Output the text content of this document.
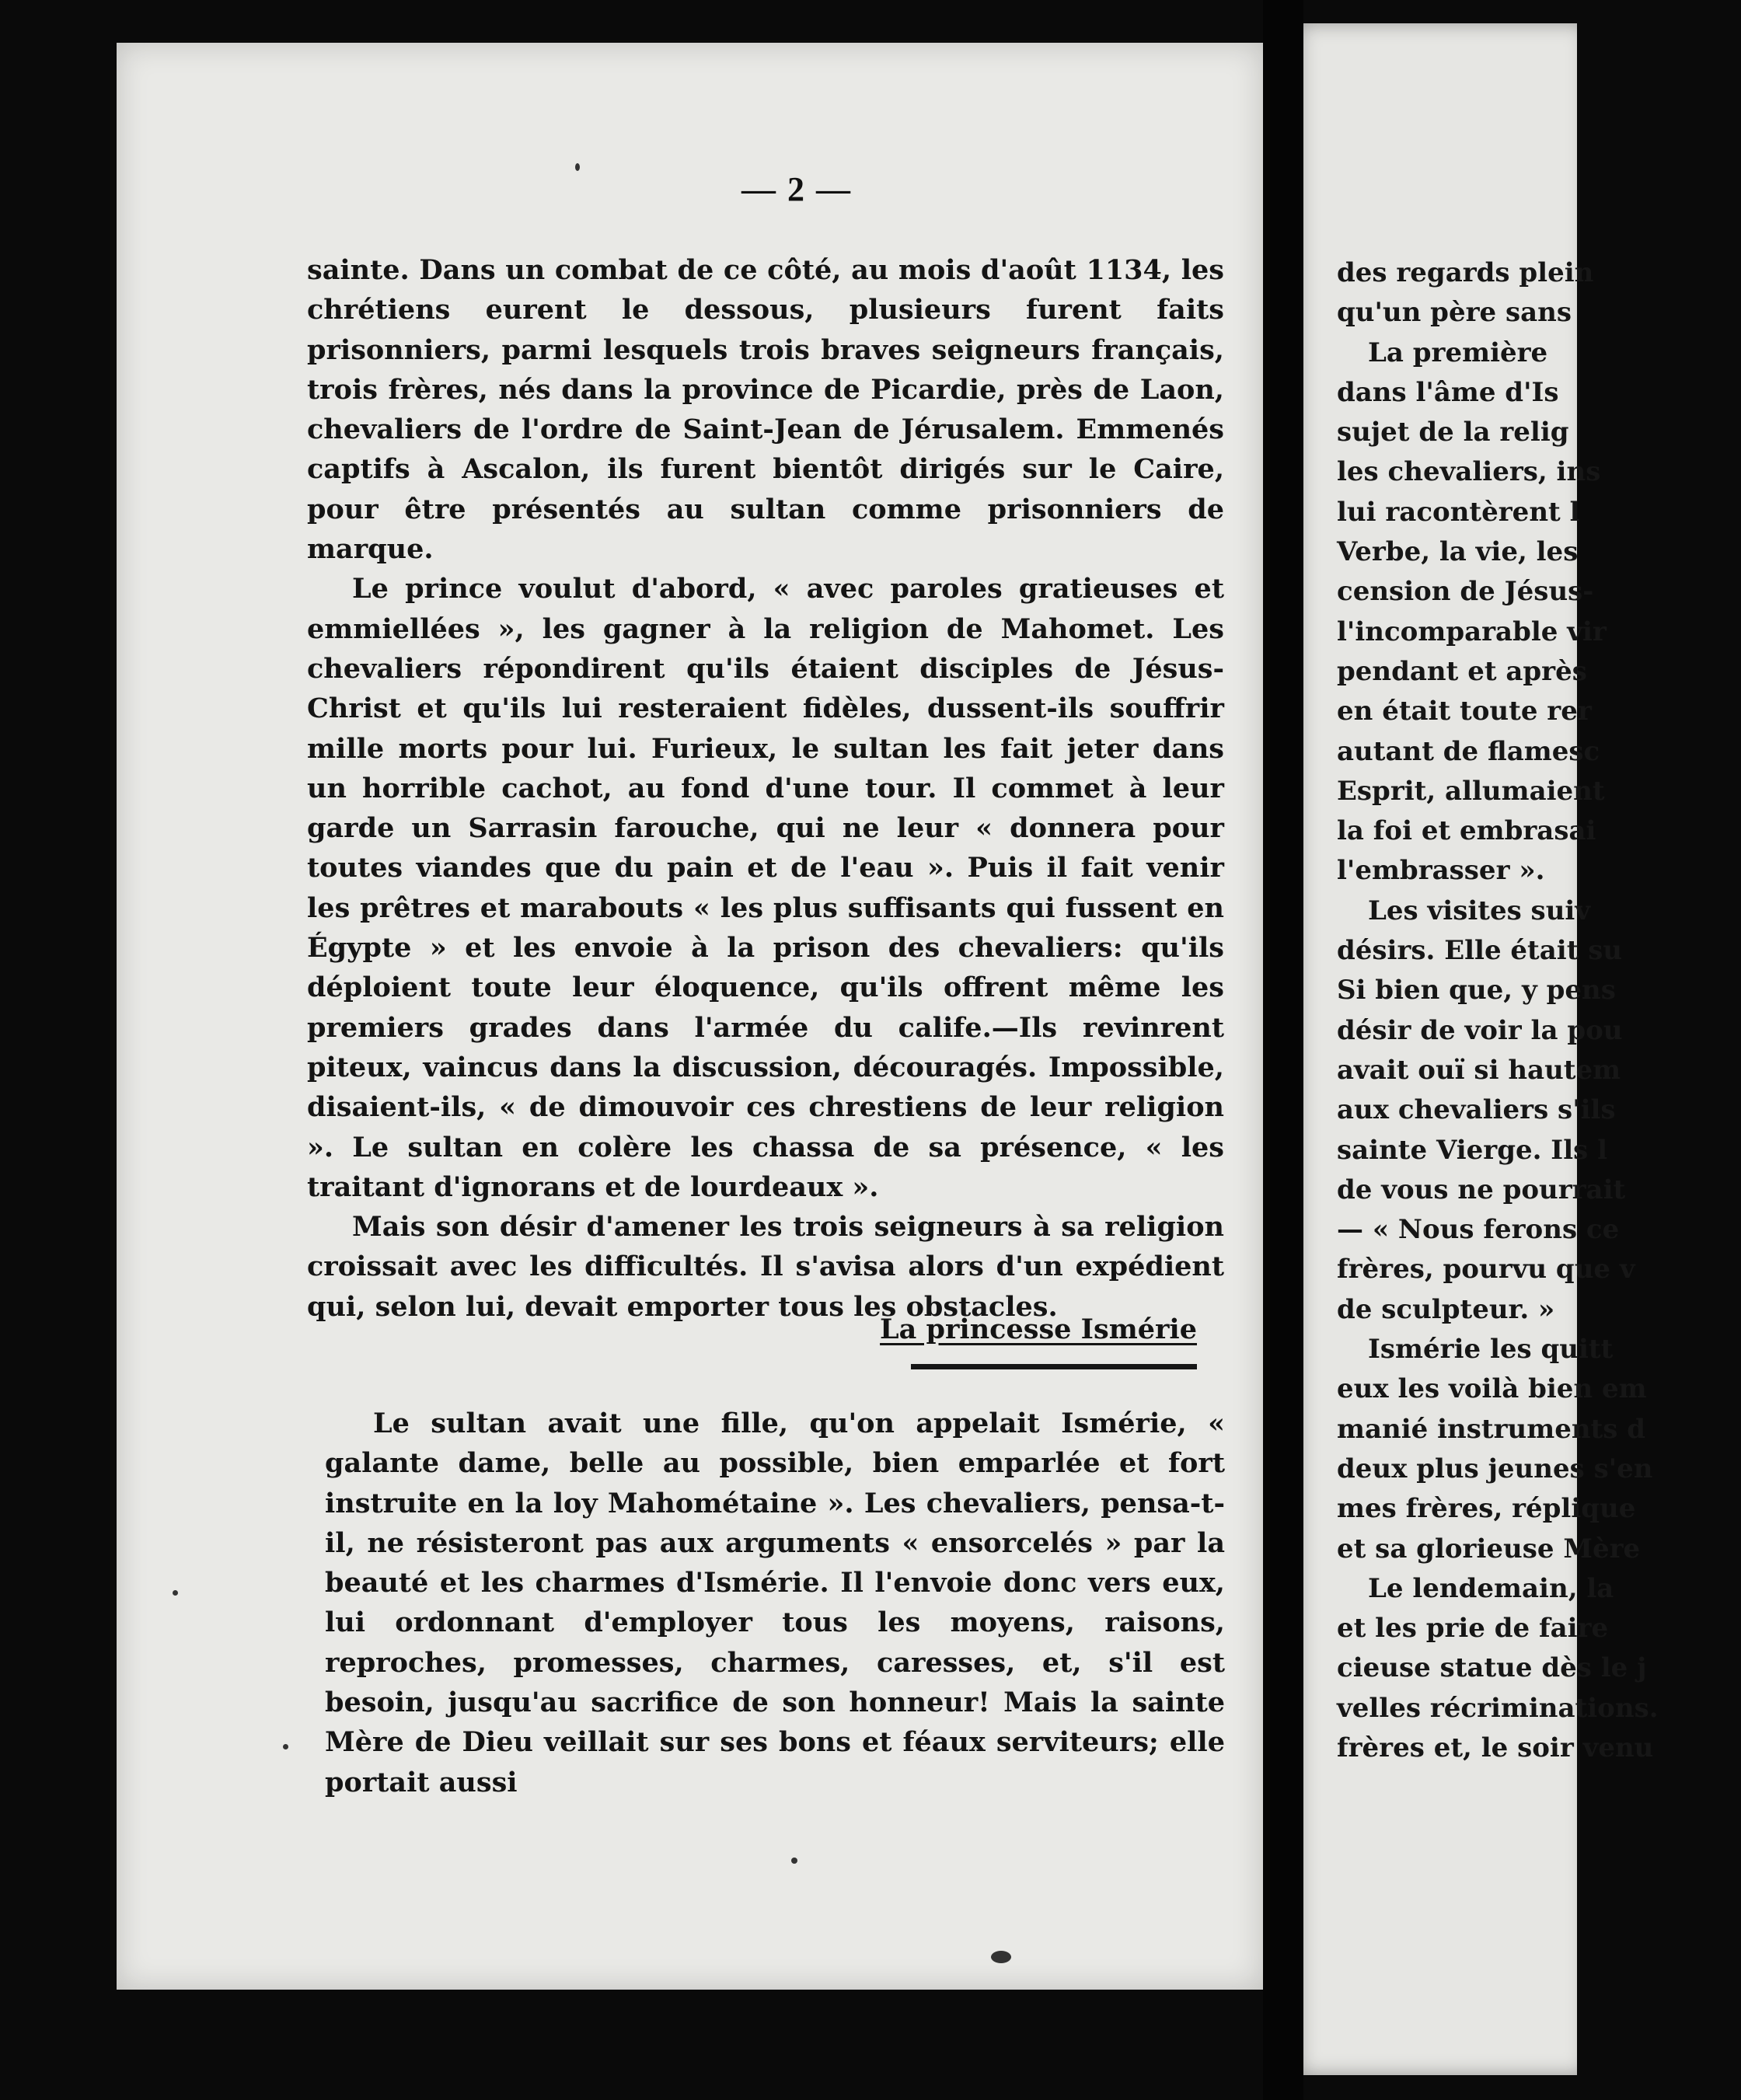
— 2 —

sainte. Dans un combat de ce côté, au mois d'août 1134, les chrétiens eurent le dessous, plusieurs furent faits prisonniers, parmi lesquels trois braves seigneurs français, trois frères, nés dans la province de Picardie, près de Laon, chevaliers de l'ordre de Saint-Jean de Jérusalem. Emmenés captifs à Ascalon, ils furent bientôt dirigés sur le Caire, pour être présentés au sultan comme prisonniers de marque.

Le prince voulut d'abord, « avec paroles gratieuses et emmiellées », les gagner à la religion de Mahomet. Les chevaliers répondirent qu'ils étaient disciples de Jésus-Christ et qu'ils lui resteraient fidèles, dussent-ils souffrir mille morts pour lui. Furieux, le sultan les fait jeter dans un horrible cachot, au fond d'une tour. Il commet à leur garde un Sarrasin farouche, qui ne leur « donnera pour toutes viandes que du pain et de l'eau ». Puis il fait venir les prêtres et marabouts « les plus suffisants qui fussent en Égypte » et les envoie à la prison des chevaliers: qu'ils déploient toute leur éloquence, qu'ils offrent même les premiers grades dans l'armée du calife.—Ils revinrent piteux, vaincus dans la discussion, découragés. Impossible, disaient-ils, « de dimouvoir ces chrestiens de leur religion ». Le sultan en colère les chassa de sa présence, « les traitant d'ignorans et de lourdeaux ».

Mais son désir d'amener les trois seigneurs à sa religion croissait avec les difficultés. Il s'avisa alors d'un expédient qui, selon lui, devait emporter tous les obstacles.

La princesse Ismérie
Le sultan avait une fille, qu'on appelait Ismérie, « galante dame, belle au possible, bien emparlée et fort instruite en la loy Mahométaine ». Les chevaliers, pensa-t-il, ne résisteront pas aux arguments « ensorcelés » par la beauté et les charmes d'Ismérie. Il l'envoie donc vers eux, lui ordonnant d'employer tous les moyens, raisons, reproches, promesses, charmes, caresses, et, s'il est besoin, jusqu'au sacrifice de son honneur! Mais la sainte Mère de Dieu veillait sur ses bons et féaux serviteurs; elle portait aussi
des regards plein
qu'un père sans
La première
dans l'âme d'Is
sujet de la relig
les chevaliers, ins
lui racontèrent l
Verbe, la vie, les
cension de Jésus-
l'incomparable vir
pendant et après
en était toute rer
autant de flamesc
Esprit, allumaient
la foi et embrasai
l'embrasser ».
Les visites suiv
désirs. Elle était su
Si bien que, y pens
désir de voir la pou
avait ouï si hautem
aux chevaliers s'ils
sainte Vierge. Ils l
de vous ne pourrait
— « Nous ferons ce
frères, pourvu que v
de sculpteur. »
Ismérie les quitt
eux les voilà bien em
manié instruments d
deux plus jeunes s'en
mes frères, réplique
et sa glorieuse Mère
Le lendemain, la
et les prie de faire
cieuse statue dès le j
velles récriminations.
frères et, le soir venu
